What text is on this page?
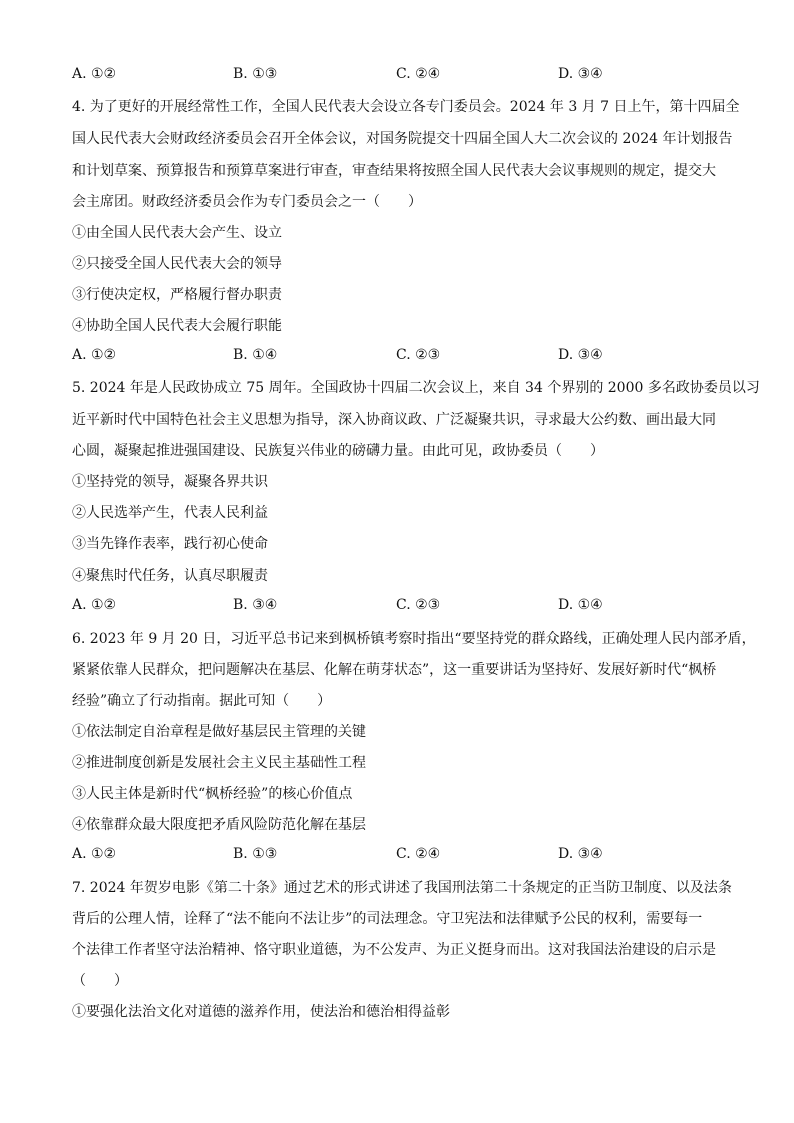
A. ①②	B. ①③	C. ②④	D. ③④
4. 为了更好的开展经常性工作，全国人民代表大会设立各专门委员会。2024 年 3 月 7 日上午，第十四届全
国人民代表大会财政经济委员会召开全体会议，对国务院提交十四届全国人大二次会议的 2024 年计划报告
和计划草案、预算报告和预算草案进行审查，审查结果将按照全国人民代表大会议事规则的规定，提交大
会主席团。财政经济委员会作为专门委员会之一（　　）
①由全国人民代表大会产生、设立
②只接受全国人民代表大会的领导
③行使决定权，严格履行督办职责
④协助全国人民代表大会履行职能
A. ①②	B. ①④	C. ②③	D. ③④
5. 2024 年是人民政协成立 75 周年。全国政协十四届二次会议上，来自 34 个界别的 2000 多名政协委员以习
近平新时代中国特色社会主义思想为指导，深入协商议政、广泛凝聚共识，寻求最大公约数、画出最大同
心圆，凝聚起推进强国建设、民族复兴伟业的磅礴力量。由此可见，政协委员（　　）
①坚持党的领导，凝聚各界共识
②人民选举产生，代表人民利益
③当先锋作表率，践行初心使命
④聚焦时代任务，认真尽职履责
A. ①②	B. ③④	C. ②③	D. ①④
6. 2023 年 9 月 20 日，习近平总书记来到枫桥镇考察时指出“要坚持党的群众路线，正确处理人民内部矛盾，
紧紧依靠人民群众，把问题解决在基层、化解在萌芽状态”，这一重要讲话为坚持好、发展好新时代“枫桥
经验”确立了行动指南。据此可知（　　）
①依法制定自治章程是做好基层民主管理的关键
②推进制度创新是发展社会主义民主基础性工程
③人民主体是新时代“枫桥经验”的核心价值点
④依靠群众最大限度把矛盾风险防范化解在基层
A. ①②	B. ①③	C. ②④	D. ③④
7. 2024 年贺岁电影《第二十条》通过艺术的形式讲述了我国刑法第二十条规定的正当防卫制度、以及法条
背后的公理人情，诠释了“法不能向不法让步”的司法理念。守卫宪法和法律赋予公民的权利，需要每一
个法律工作者坚守法治精神、恪守职业道德，为不公发声、为正义挺身而出。这对我国法治建设的启示是
（　　）
①要强化法治文化对道德的滋养作用，使法治和德治相得益彰
